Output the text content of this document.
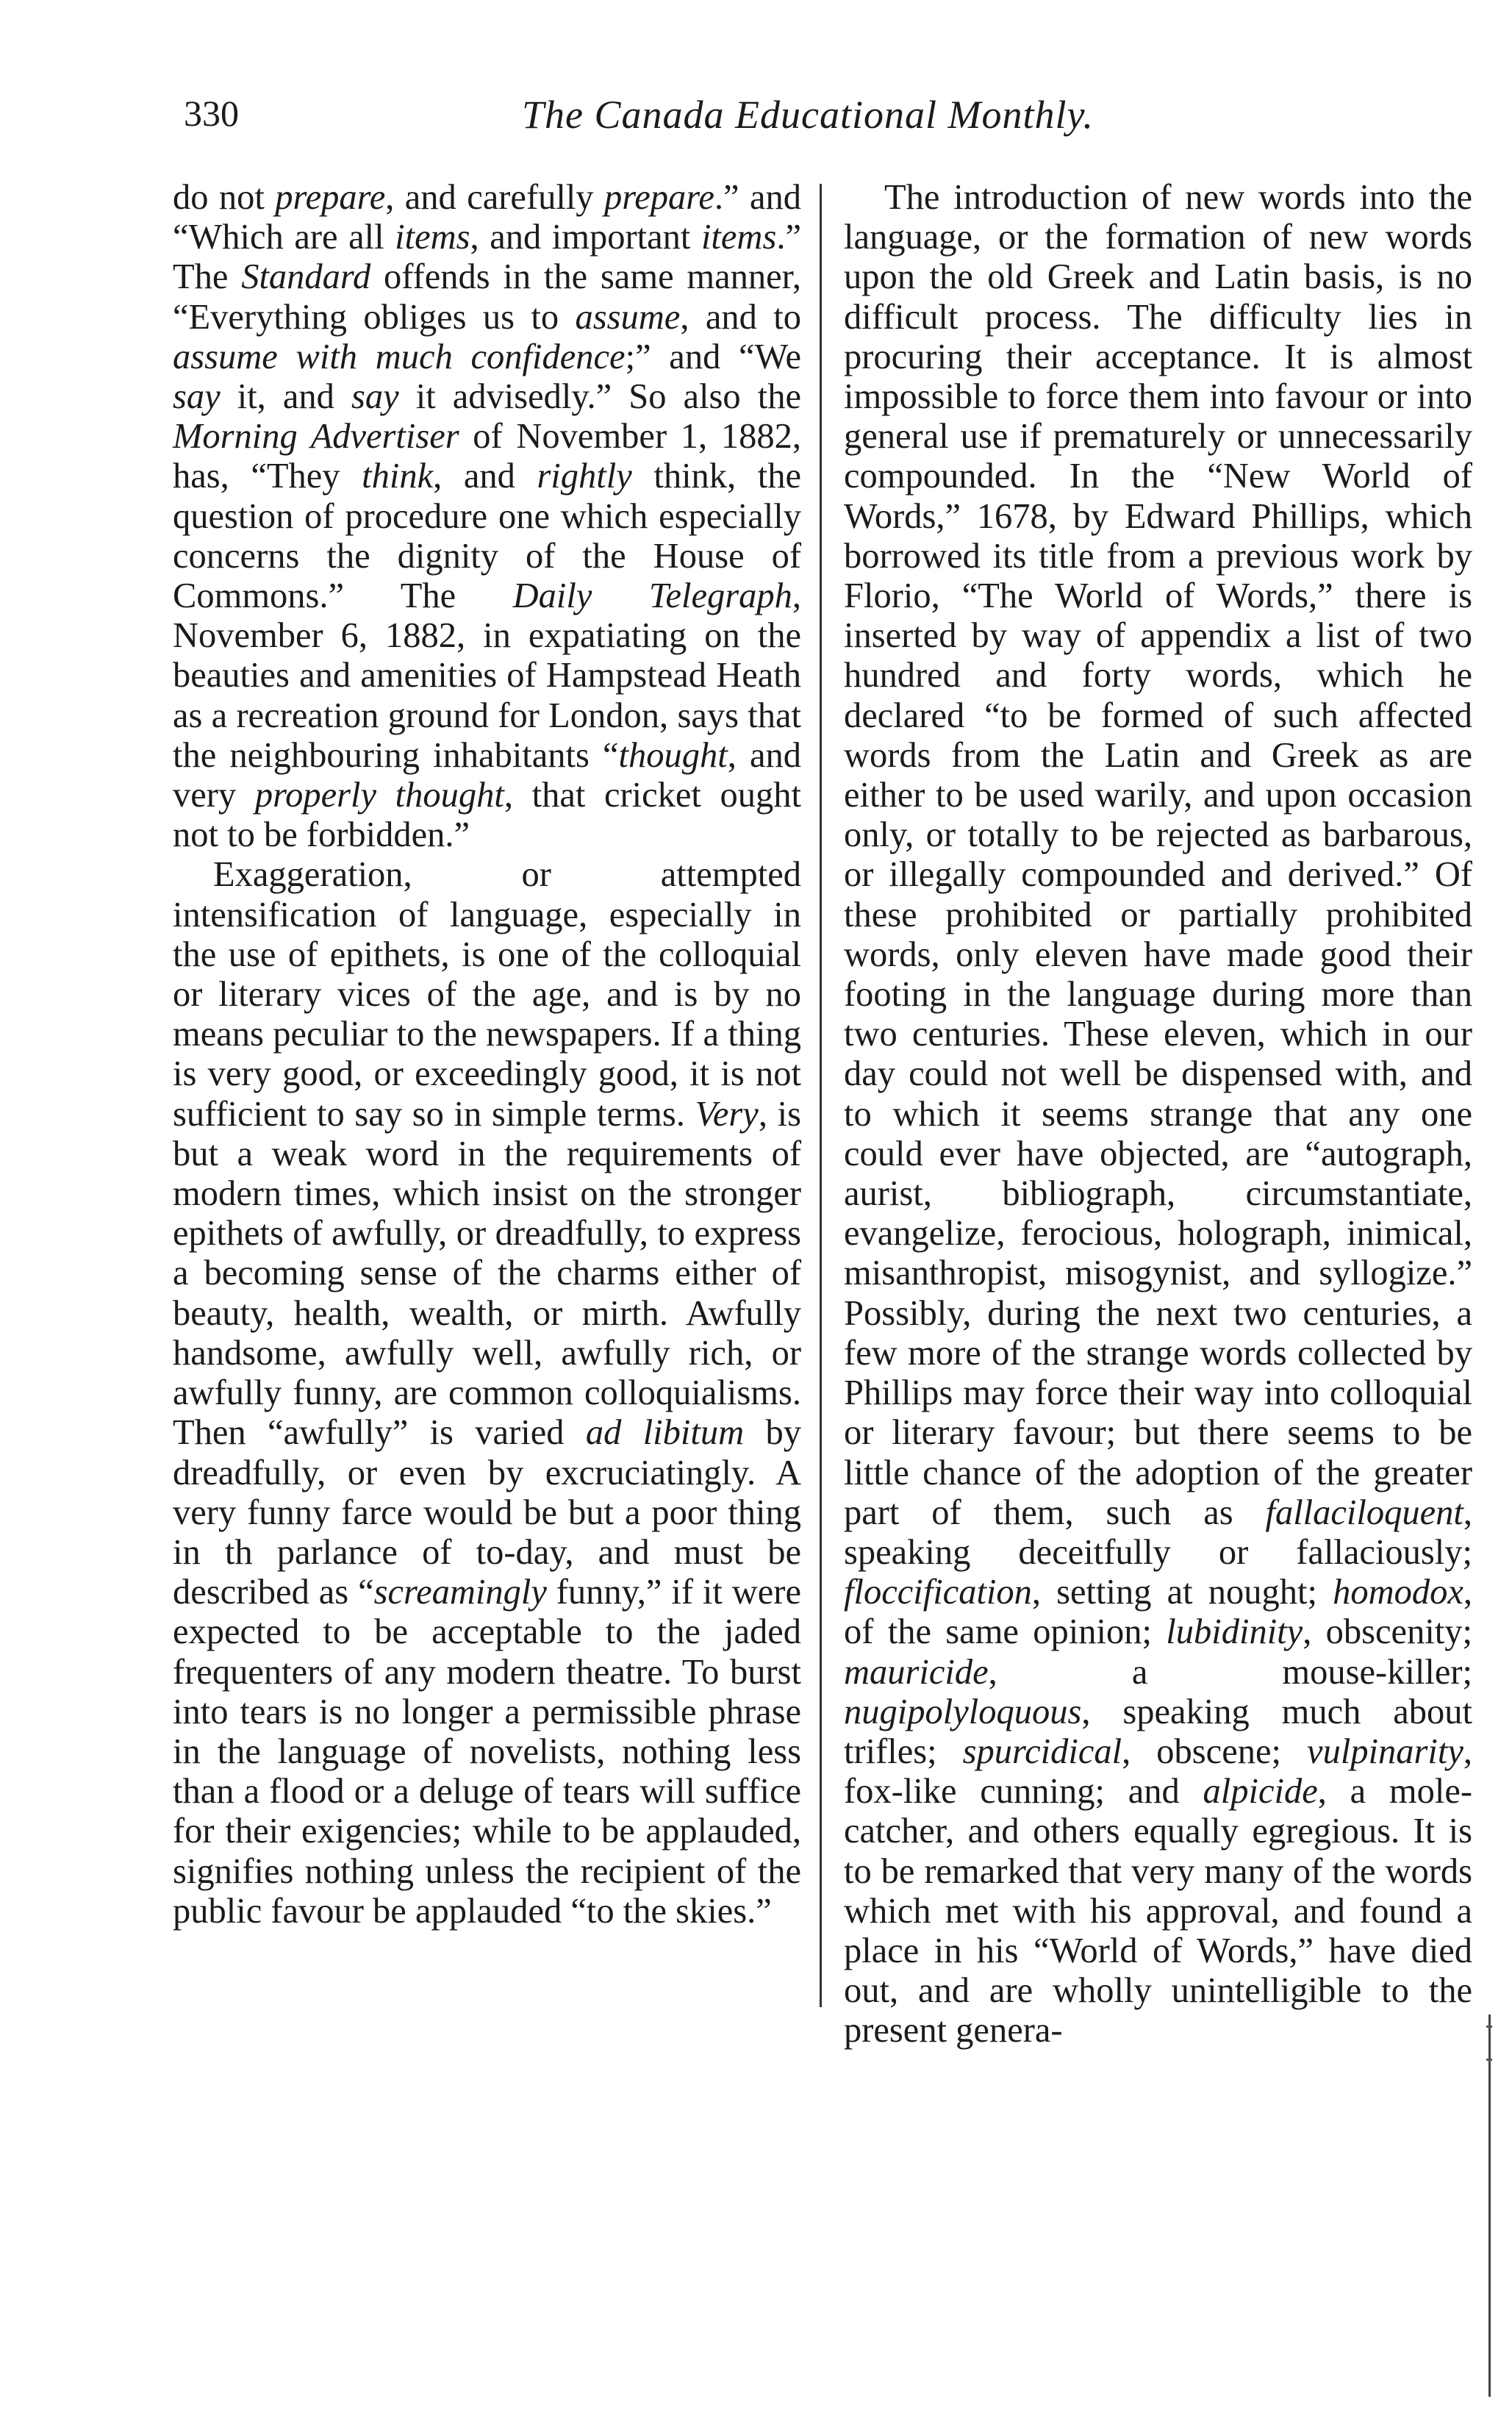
330	The Canada Educational Monthly.

do not prepare, and carefully prepare.” and “Which are all items, and important items.” The Standard offends in the same manner, “Everything obliges us to assume, and to assume with much confidence;” and “We say it, and say it advisedly.” So also the Morning Advertiser of November 1, 1882, has, “They think, and rightly think, the question of procedure one which especially concerns the dignity of the House of Commons.” The Daily Telegraph, November 6, 1882, in expatiating on the beauties and amenities of Hampstead Heath as a recreation ground for London, says that the neighbouring inhabitants “thought, and very properly thought, that cricket ought not to be forbidden.”

Exaggeration, or attempted intensification of language, especially in the use of epithets, is one of the colloquial or literary vices of the age, and is by no means peculiar to the newspapers. If a thing is very good, or exceedingly good, it is not sufficient to say so in simple terms. Very, is but a weak word in the requirements of modern times, which insist on the stronger epithets of awfully, or dreadfully, to express a becoming sense of the charms either of beauty, health, wealth, or mirth. Awfully handsome, awfully well, awfully rich, or awfully funny, are common colloquialisms. Then “awfully” is varied ad libitum by dreadfully, or even by excruciatingly. A very funny farce would be but a poor thing in th parlance of to-day, and must be described as “screamingly funny,” if it were expected to be acceptable to the jaded frequenters of any modern theatre. To burst into tears is no longer a permissible phrase in the language of novelists, nothing less than a flood or a deluge of tears will suffice for their exigencies; while to be applauded, signifies nothing unless the recipient of the public favour be applauded “to the skies.”

The introduction of new words into the language, or the formation of new words upon the old Greek and Latin basis, is no difficult process. The difficulty lies in procuring their acceptance. It is almost impossible to force them into favour or into general use if prematurely or unnecessarily compounded. In the “New World of Words,” 1678, by Edward Phillips, which borrowed its title from a previous work by Florio, “The World of Words,” there is inserted by way of appendix a list of two hundred and forty words, which he declared “to be formed of such affected words from the Latin and Greek as are either to be used warily, and upon occasion only, or totally to be rejected as barbarous, or illegally compounded and derived.” Of these prohibited or partially prohibited words, only eleven have made good their footing in the language during more than two centuries. These eleven, which in our day could not well be dispensed with, and to which it seems strange that any one could ever have objected, are “autograph, aurist, bibliograph, circumstantiate, evangelize, ferocious, holograph, inimical, misanthropist, misogynist, and syllogize.” Possibly, during the next two centuries, a few more of the strange words collected by Phillips may force their way into colloquial or literary favour; but there seems to be little chance of the adoption of the greater part of them, such as fallaciloquent, speaking deceitfully or fallaciously; floccification, setting at nought; homodox, of the same opinion; lubidinity, obscenity; mauricide, a mouse-killer; nugipolyloquous, speaking much about trifles; spurcidical, obscene; vulpinarity, fox-like cunning; and alpicide, a mole-catcher, and others equally egregious. It is to be remarked that very many of the words which met with his approval, and found a place in his “World of Words,” have died out, and are wholly unintelligible to the present genera-
